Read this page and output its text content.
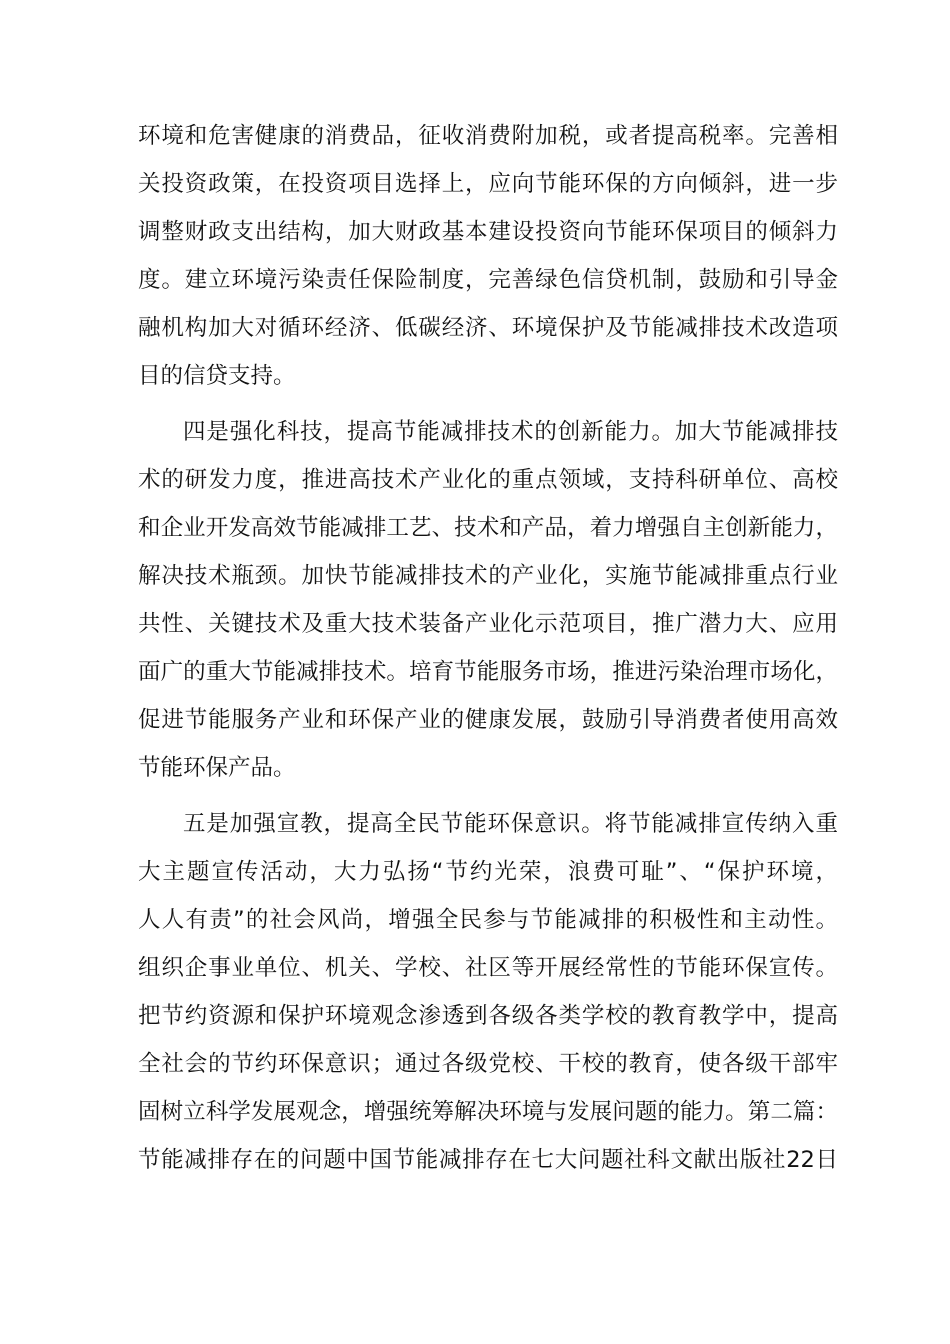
环境和危害健康的消费品，征收消费附加税，或者提高税率。完善相
关投资政策，在投资项目选择上，应向节能环保的方向倾斜，进一步
调整财政支出结构，加大财政基本建设投资向节能环保项目的倾斜力
度。建立环境污染责任保险制度，完善绿色信贷机制，鼓励和引导金
融机构加大对循环经济、低碳经济、环境保护及节能减排技术改造项
目的信贷支持。
四是强化科技，提高节能减排技术的创新能力。加大节能减排技
术的研发力度，推进高技术产业化的重点领域，支持科研单位、高校
和企业开发高效节能减排工艺、技术和产品，着力增强自主创新能力，
解决技术瓶颈。加快节能减排技术的产业化，实施节能减排重点行业
共性、关键技术及重大技术装备产业化示范项目，推广潜力大、应用
面广的重大节能减排技术。培育节能服务市场，推进污染治理市场化，
促进节能服务产业和环保产业的健康发展，鼓励引导消费者使用高效
节能环保产品。
五是加强宣教，提高全民节能环保意识。将节能减排宣传纳入重
大主题宣传活动，大力弘扬“节约光荣，浪费可耻”、“保护环境，
人人有责”的社会风尚，增强全民参与节能减排的积极性和主动性。
组织企事业单位、机关、学校、社区等开展经常性的节能环保宣传。
把节约资源和保护环境观念渗透到各级各类学校的教育教学中，提高
全社会的节约环保意识；通过各级党校、干校的教育，使各级干部牢
固树立科学发展观念，增强统筹解决环境与发展问题的能力。第二篇：
节能减排存在的问题中国节能减排存在七大问题社科文献出版社22日
